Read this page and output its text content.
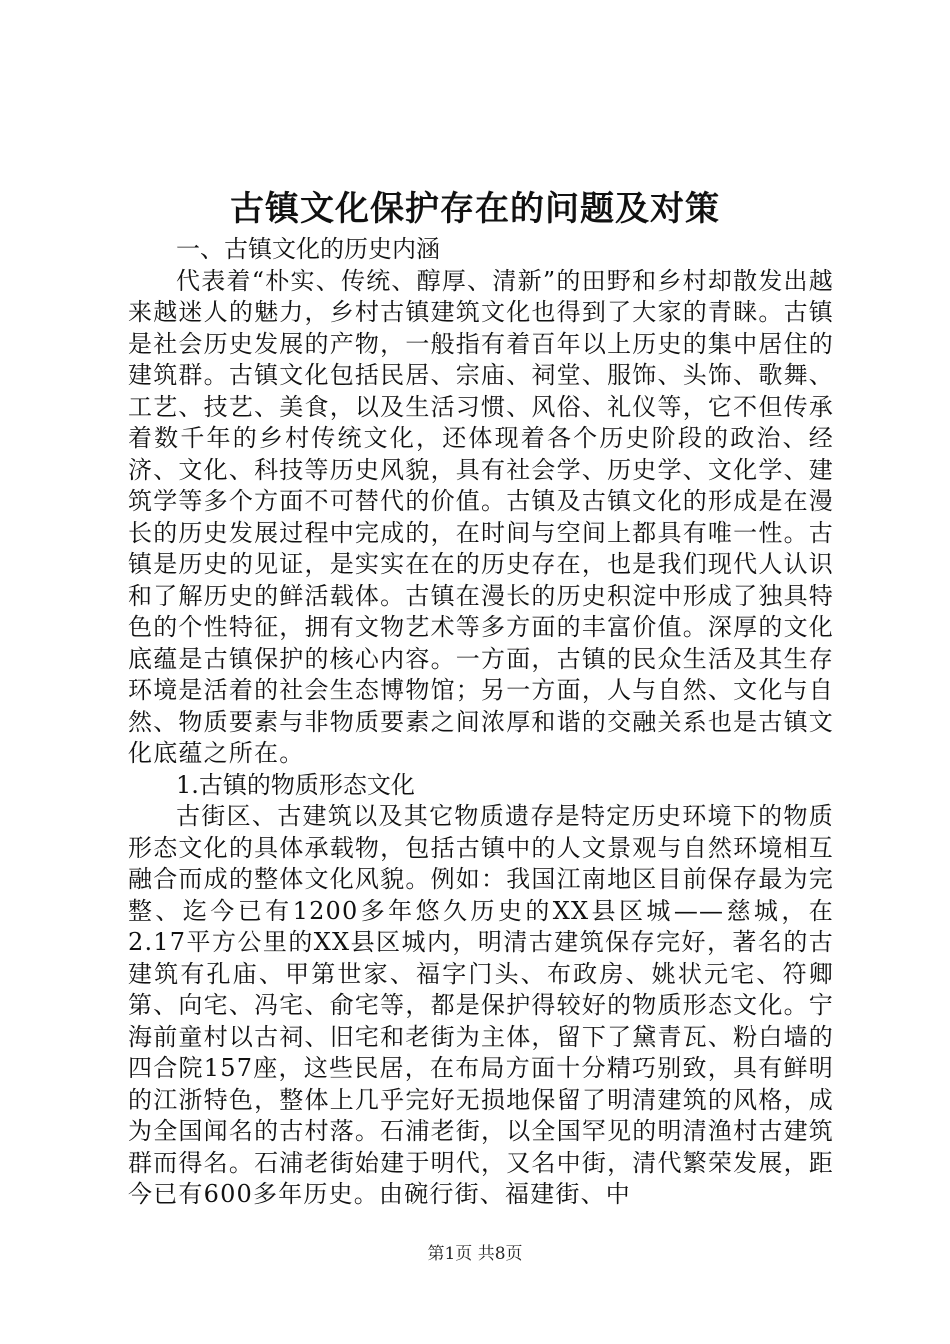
古镇文化保护存在的问题及对策
一、古镇文化的历史内涵

代表着“朴实、传统、醇厚、清新”的田野和乡村却散发出越来越迷人的魅力，乡村古镇建筑文化也得到了大家的青睐。古镇是社会历史发展的产物，一般指有着百年以上历史的集中居住的建筑群。古镇文化包括民居、宗庙、祠堂、服饰、头饰、歌舞、工艺、技艺、美食，以及生活习惯、风俗、礼仪等，它不但传承着数千年的乡村传统文化，还体现着各个历史阶段的政治、经济、文化、科技等历史风貌，具有社会学、历史学、文化学、建筑学等多个方面不可替代的价值。古镇及古镇文化的形成是在漫长的历史发展过程中完成的，在时间与空间上都具有唯一性。古镇是历史的见证，是实实在在的历史存在，也是我们现代人认识和了解历史的鲜活载体。古镇在漫长的历史积淀中形成了独具特色的个性特征，拥有文物艺术等多方面的丰富价值。深厚的文化底蕴是古镇保护的核心内容。一方面，古镇的民众生活及其生存环境是活着的社会生态博物馆；另一方面，人与自然、文化与自然、物质要素与非物质要素之间浓厚和谐的交融关系也是古镇文化底蕴之所在。

1.古镇的物质形态文化

古街区、古建筑以及其它物质遗存是特定历史环境下的物质形态文化的具体承载物，包括古镇中的人文景观与自然环境相互融合而成的整体文化风貌。例如：我国江南地区目前保存最为完整、迄今已有1200多年悠久历史的XX县区城——慈城，在2.17平方公里的XX县区城内，明清古建筑保存完好，著名的古建筑有孔庙、甲第世家、福字门头、布政房、姚状元宅、符卿第、向宅、冯宅、俞宅等，都是保护得较好的物质形态文化。宁海前童村以古祠、旧宅和老街为主体，留下了黛青瓦、粉白墙的四合院157座，这些民居，在布局方面十分精巧别致，具有鲜明的江浙特色，整体上几乎完好无损地保留了明清建筑的风格，成为全国闻名的古村落。石浦老街，以全国罕见的明清渔村古建筑群而得名。石浦老街始建于明代，又名中街，清代繁荣发展，距今已有600多年历史。由碗行街、福建街、中

第1页 共8页
